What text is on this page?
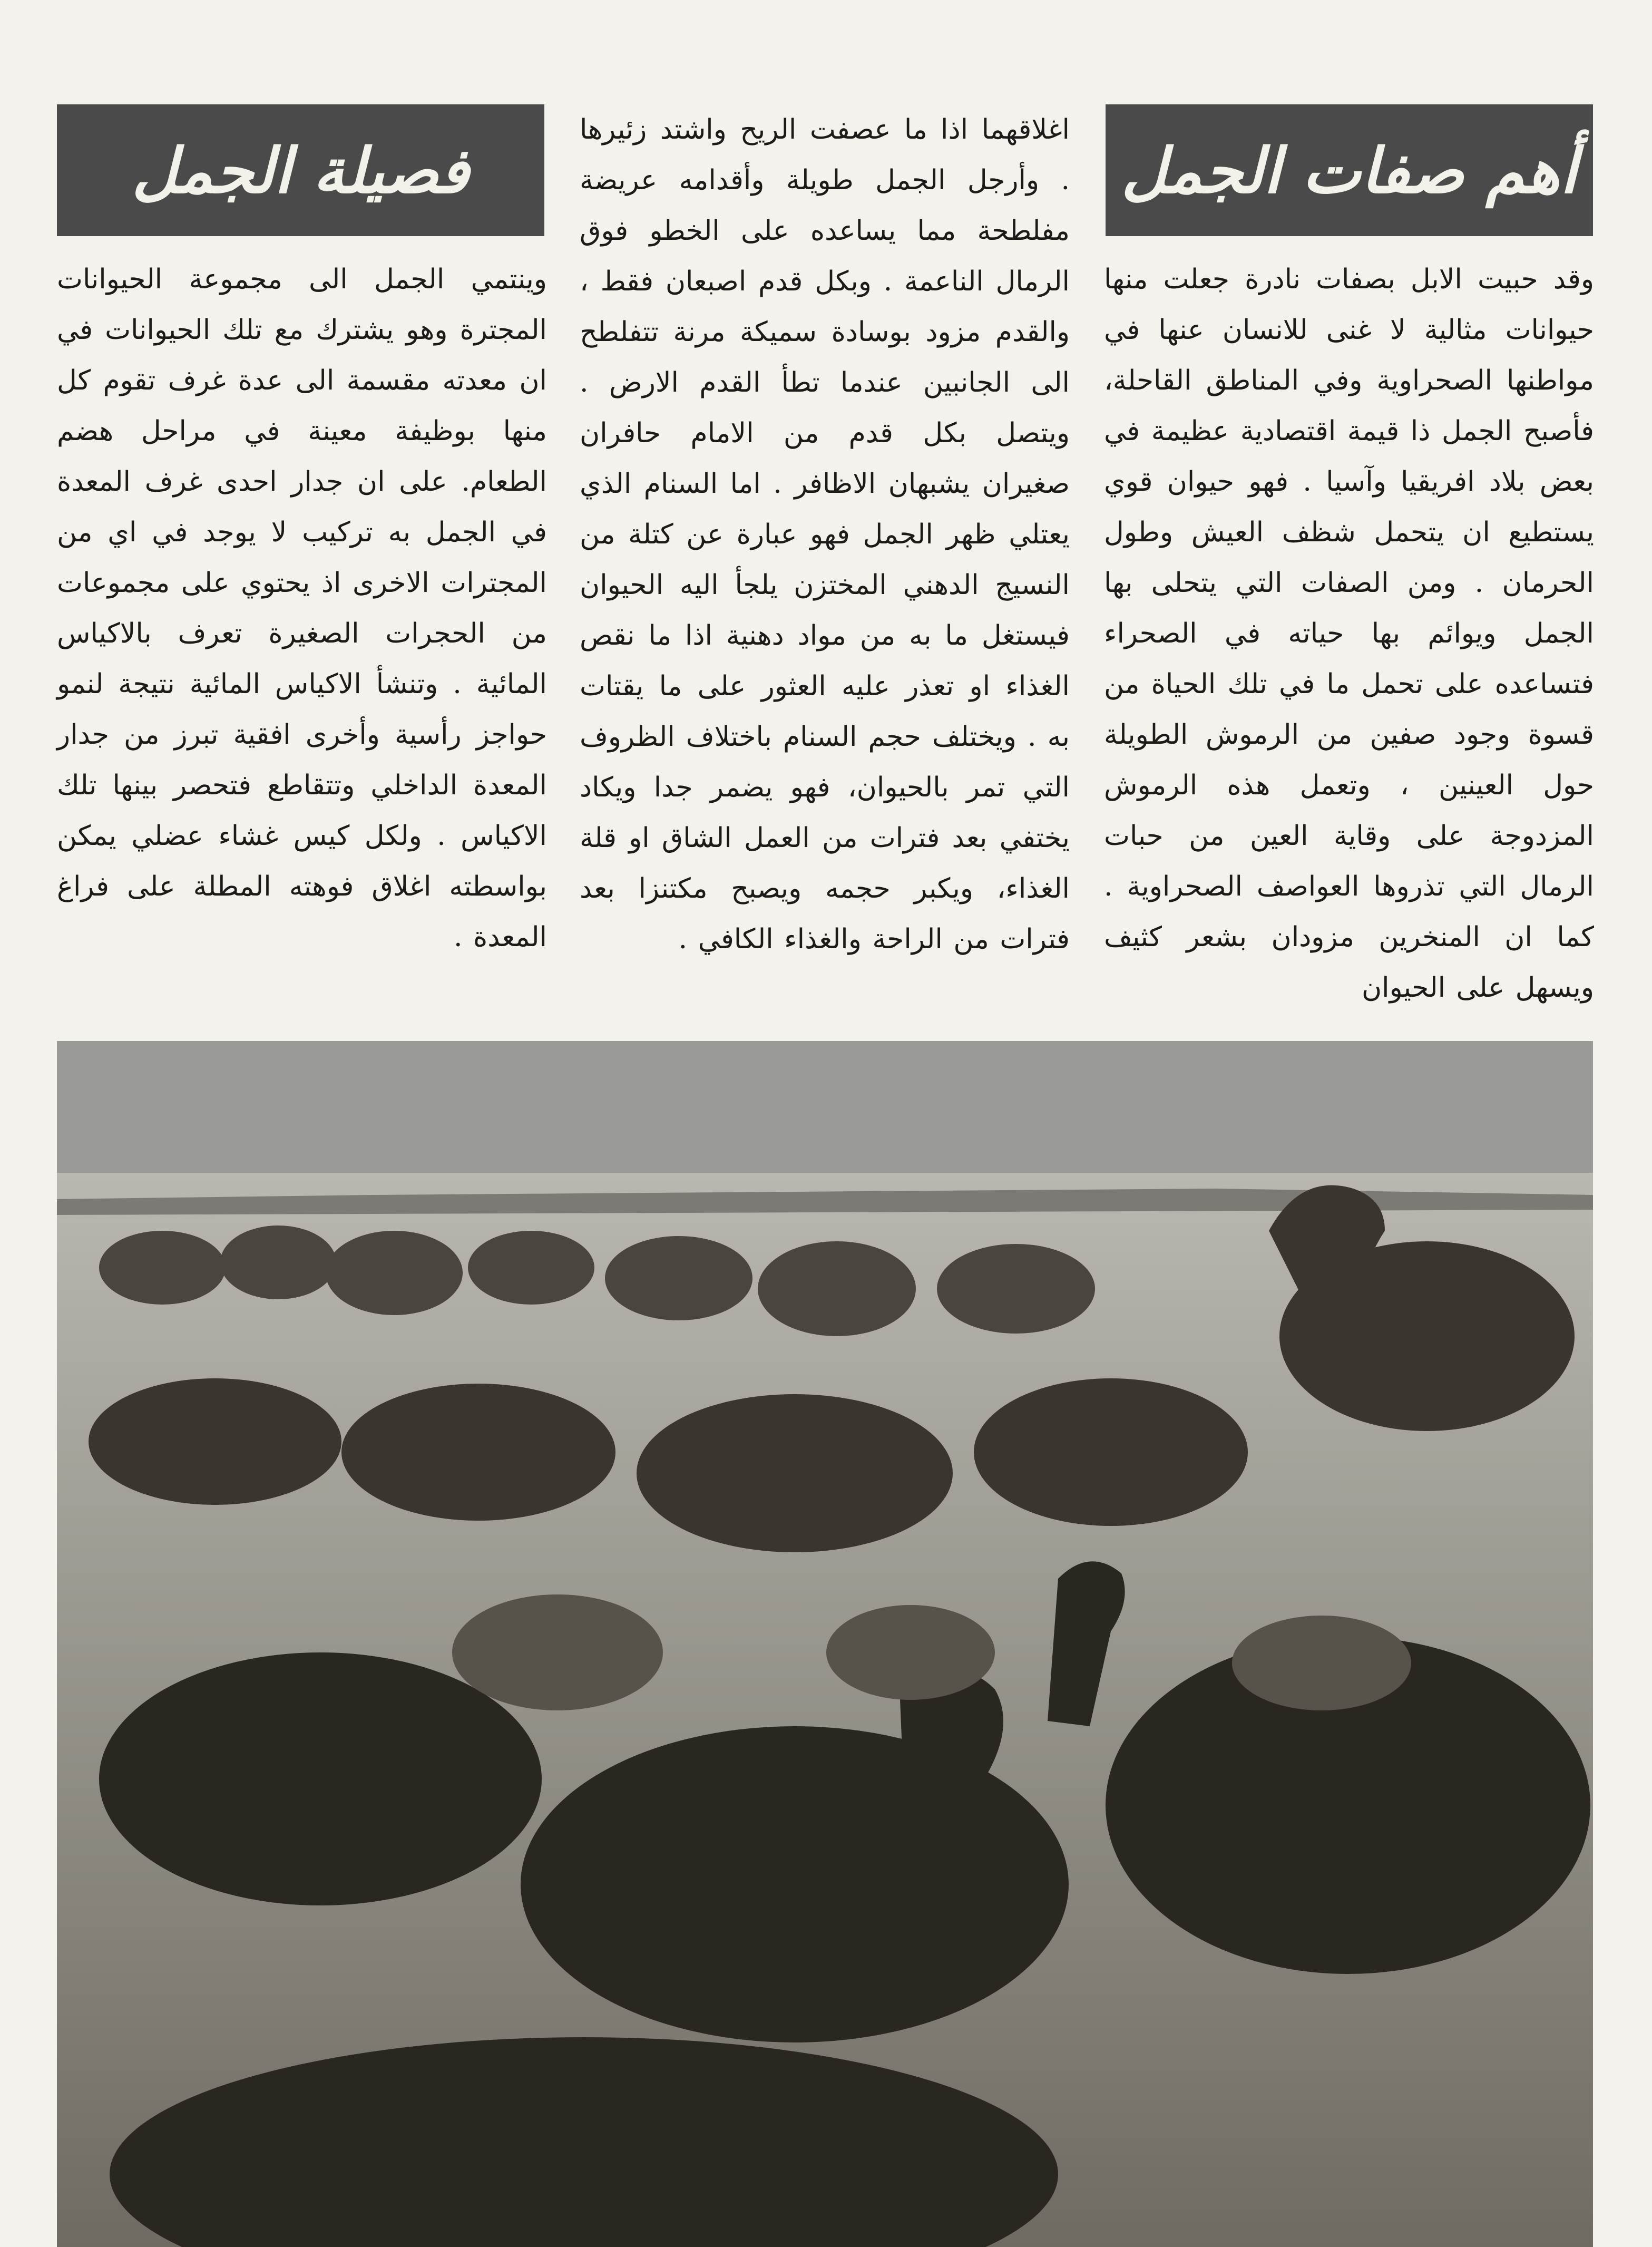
أهم صفات الجمل
فصيلة الجمل
وقد حبيت الابل بصفات نادرة جعلت منها حيوانات مثالية لا غنى للانسان عنها في مواطنها الصحراوية وفي المناطق القاحلة، فأصبح الجمل ذا قيمة اقتصادية عظيمة في بعض بلاد افريقيا وآسيا . فهو حيوان قوي يستطيع ان يتحمل شظف العيش وطول الحرمان . ومن الصفات التي يتحلى بها الجمل ويوائم بها حياته في الصحراء فتساعده على تحمل ما في تلك الحياة من قسوة وجود صفين من الرموش الطويلة حول العينين ، وتعمل هذه الرموش المزدوجة على وقاية العين من حبات الرمال التي تذروها العواصف الصحراوية . كما ان المنخرين مزودان بشعر كثيف ويسهل على الحيوان
اغلاقهما اذا ما عصفت الريح واشتد زئيرها . وأرجل الجمل طويلة وأقدامه عريضة مفلطحة مما يساعده على الخطو فوق الرمال الناعمة . وبكل قدم اصبعان فقط ، والقدم مزود بوسادة سميكة مرنة تتفلطح الى الجانبين عندما تطأ القدم الارض . ويتصل بكل قدم من الامام حافران صغيران يشبهان الاظافر . اما السنام الذي يعتلي ظهر الجمل فهو عبارة عن كتلة من النسيج الدهني المختزن يلجأ اليه الحيوان فيستغل ما به من مواد دهنية اذا ما نقص الغذاء او تعذر عليه العثور على ما يقتات به . ويختلف حجم السنام باختلاف الظروف التي تمر بالحيوان، فهو يضمر جدا ويكاد يختفي بعد فترات من العمل الشاق او قلة الغذاء، ويكبر حجمه ويصبح مكتنزا بعد فترات من الراحة والغذاء الكافي .
وينتمي الجمل الى مجموعة الحيوانات المجترة وهو يشترك مع تلك الحيوانات في ان معدته مقسمة الى عدة غرف تقوم كل منها بوظيفة معينة في مراحل هضم الطعام. على ان جدار احدى غرف المعدة في الجمل به تركيب لا يوجد في اي من المجترات الاخرى اذ يحتوي على مجموعات من الحجرات الصغيرة تعرف بالاكياس المائية . وتنشأ الاكياس المائية نتيجة لنمو حواجز رأسية وأخرى افقية تبرز من جدار المعدة الداخلي وتتقاطع فتحصر بينها تلك الاكياس . ولكل كيس غشاء عضلي يمكن بواسطته اغلاق فوهته المطلة على فراغ المعدة .
